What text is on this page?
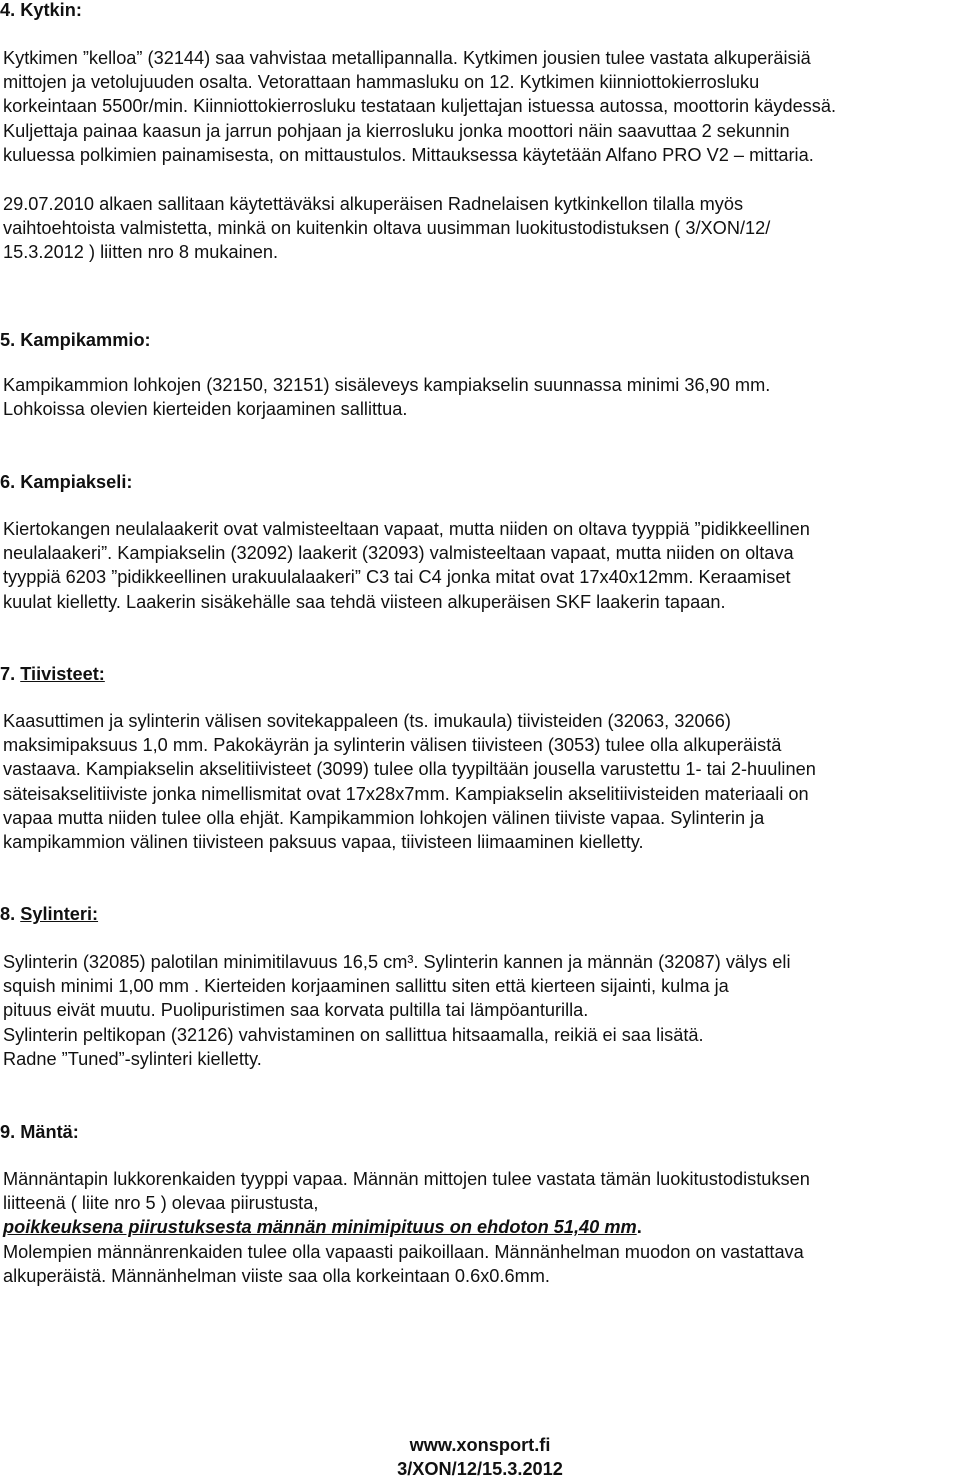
4. Kytkin:
Kytkimen ”kelloa” (32144) saa vahvistaa metallipannalla. Kytkimen jousien tulee vastata alkuperäisiä
mittojen ja vetolujuuden osalta. Vetorattaan hammasluku on 12. Kytkimen kiinniottokierrosluku
korkeintaan 5500r/min. Kiinniottokierrosluku testataan kuljettajan istuessa autossa, moottorin käydessä.
Kuljettaja painaa kaasun ja jarrun pohjaan ja kierrosluku jonka moottori näin saavuttaa 2 sekunnin
kuluessa polkimien painamisesta, on mittaustulos. Mittauksessa käytetään Alfano PRO V2 – mittaria.
29.07.2010 alkaen sallitaan käytettäväksi alkuperäisen Radnelaisen kytkinkellon tilalla myös
vaihtoehtoista valmistetta, minkä on kuitenkin oltava uusimman luokitustodistuksen ( 3/XON/12/
15.3.2012 ) liitten nro 8 mukainen.
5. Kampikammio:
Kampikammion lohkojen (32150, 32151) sisäleveys kampiakselin suunnassa minimi 36,90 mm.
Lohkoissa olevien kierteiden korjaaminen sallittua.
6. Kampiakseli:
Kiertokangen neulalaakerit ovat valmisteeltaan vapaat, mutta niiden on oltava tyyppiä ”pidikkeellinen
neulalaakeri”. Kampiakselin (32092) laakerit (32093) valmisteeltaan vapaat, mutta niiden on oltava
tyyppiä 6203 ”pidikkeellinen urakuulalaakeri” C3 tai C4 jonka mitat ovat 17x40x12mm. Keraamiset
kuulat kielletty. Laakerin sisäkehälle saa tehdä viisteen alkuperäisen SKF laakerin tapaan.
7. Tiivisteet:
Kaasuttimen ja sylinterin välisen sovitekappaleen (ts. imukaula) tiivisteiden (32063, 32066)
maksimipaksuus 1,0 mm. Pakokäyrän ja sylinterin välisen tiivisteen (3053) tulee olla alkuperäistä
vastaava. Kampiakselin akselitiivisteet (3099) tulee olla tyypiltään jousella varustettu 1- tai 2-huulinen
säteisakselitiiviste jonka nimellismitat ovat 17x28x7mm. Kampiakselin akselitiivisteiden materiaali on
vapaa mutta niiden tulee olla ehjät. Kampikammion lohkojen välinen tiiviste vapaa. Sylinterin ja
kampikammion välinen tiivisteen paksuus vapaa, tiivisteen liimaaminen kielletty.
8. Sylinteri:
Sylinterin (32085) palotilan minimitilavuus 16,5 cm³. Sylinterin kannen ja männän (32087) välys eli
squish minimi 1,00 mm . Kierteiden korjaaminen sallittu siten että kierteen sijainti, kulma ja
pituus eivät muutu. Puolipuristimen saa korvata pultilla tai lämpöanturilla.
Sylinterin peltikopan (32126) vahvistaminen on sallittua hitsaamalla, reikiä ei saa lisätä.
Radne ”Tuned”-sylinteri kielletty.
9. Mäntä:
Männäntapin lukkorenkaiden tyyppi vapaa. Männän mittojen tulee vastata tämän luokitustodistuksen
liitteenä ( liite nro 5 ) olevaa piirustusta,
poikkeuksena piirustuksesta männän minimipituus on ehdoton 51,40 mm.
Molempien männänrenkaiden tulee olla vapaasti paikoillaan. Männänhelman muodon on vastattava
alkuperäistä. Männänhelman viiste saa olla korkeintaan 0.6x0.6mm.
www.xonsport.fi
3/XON/12/15.3.2012
